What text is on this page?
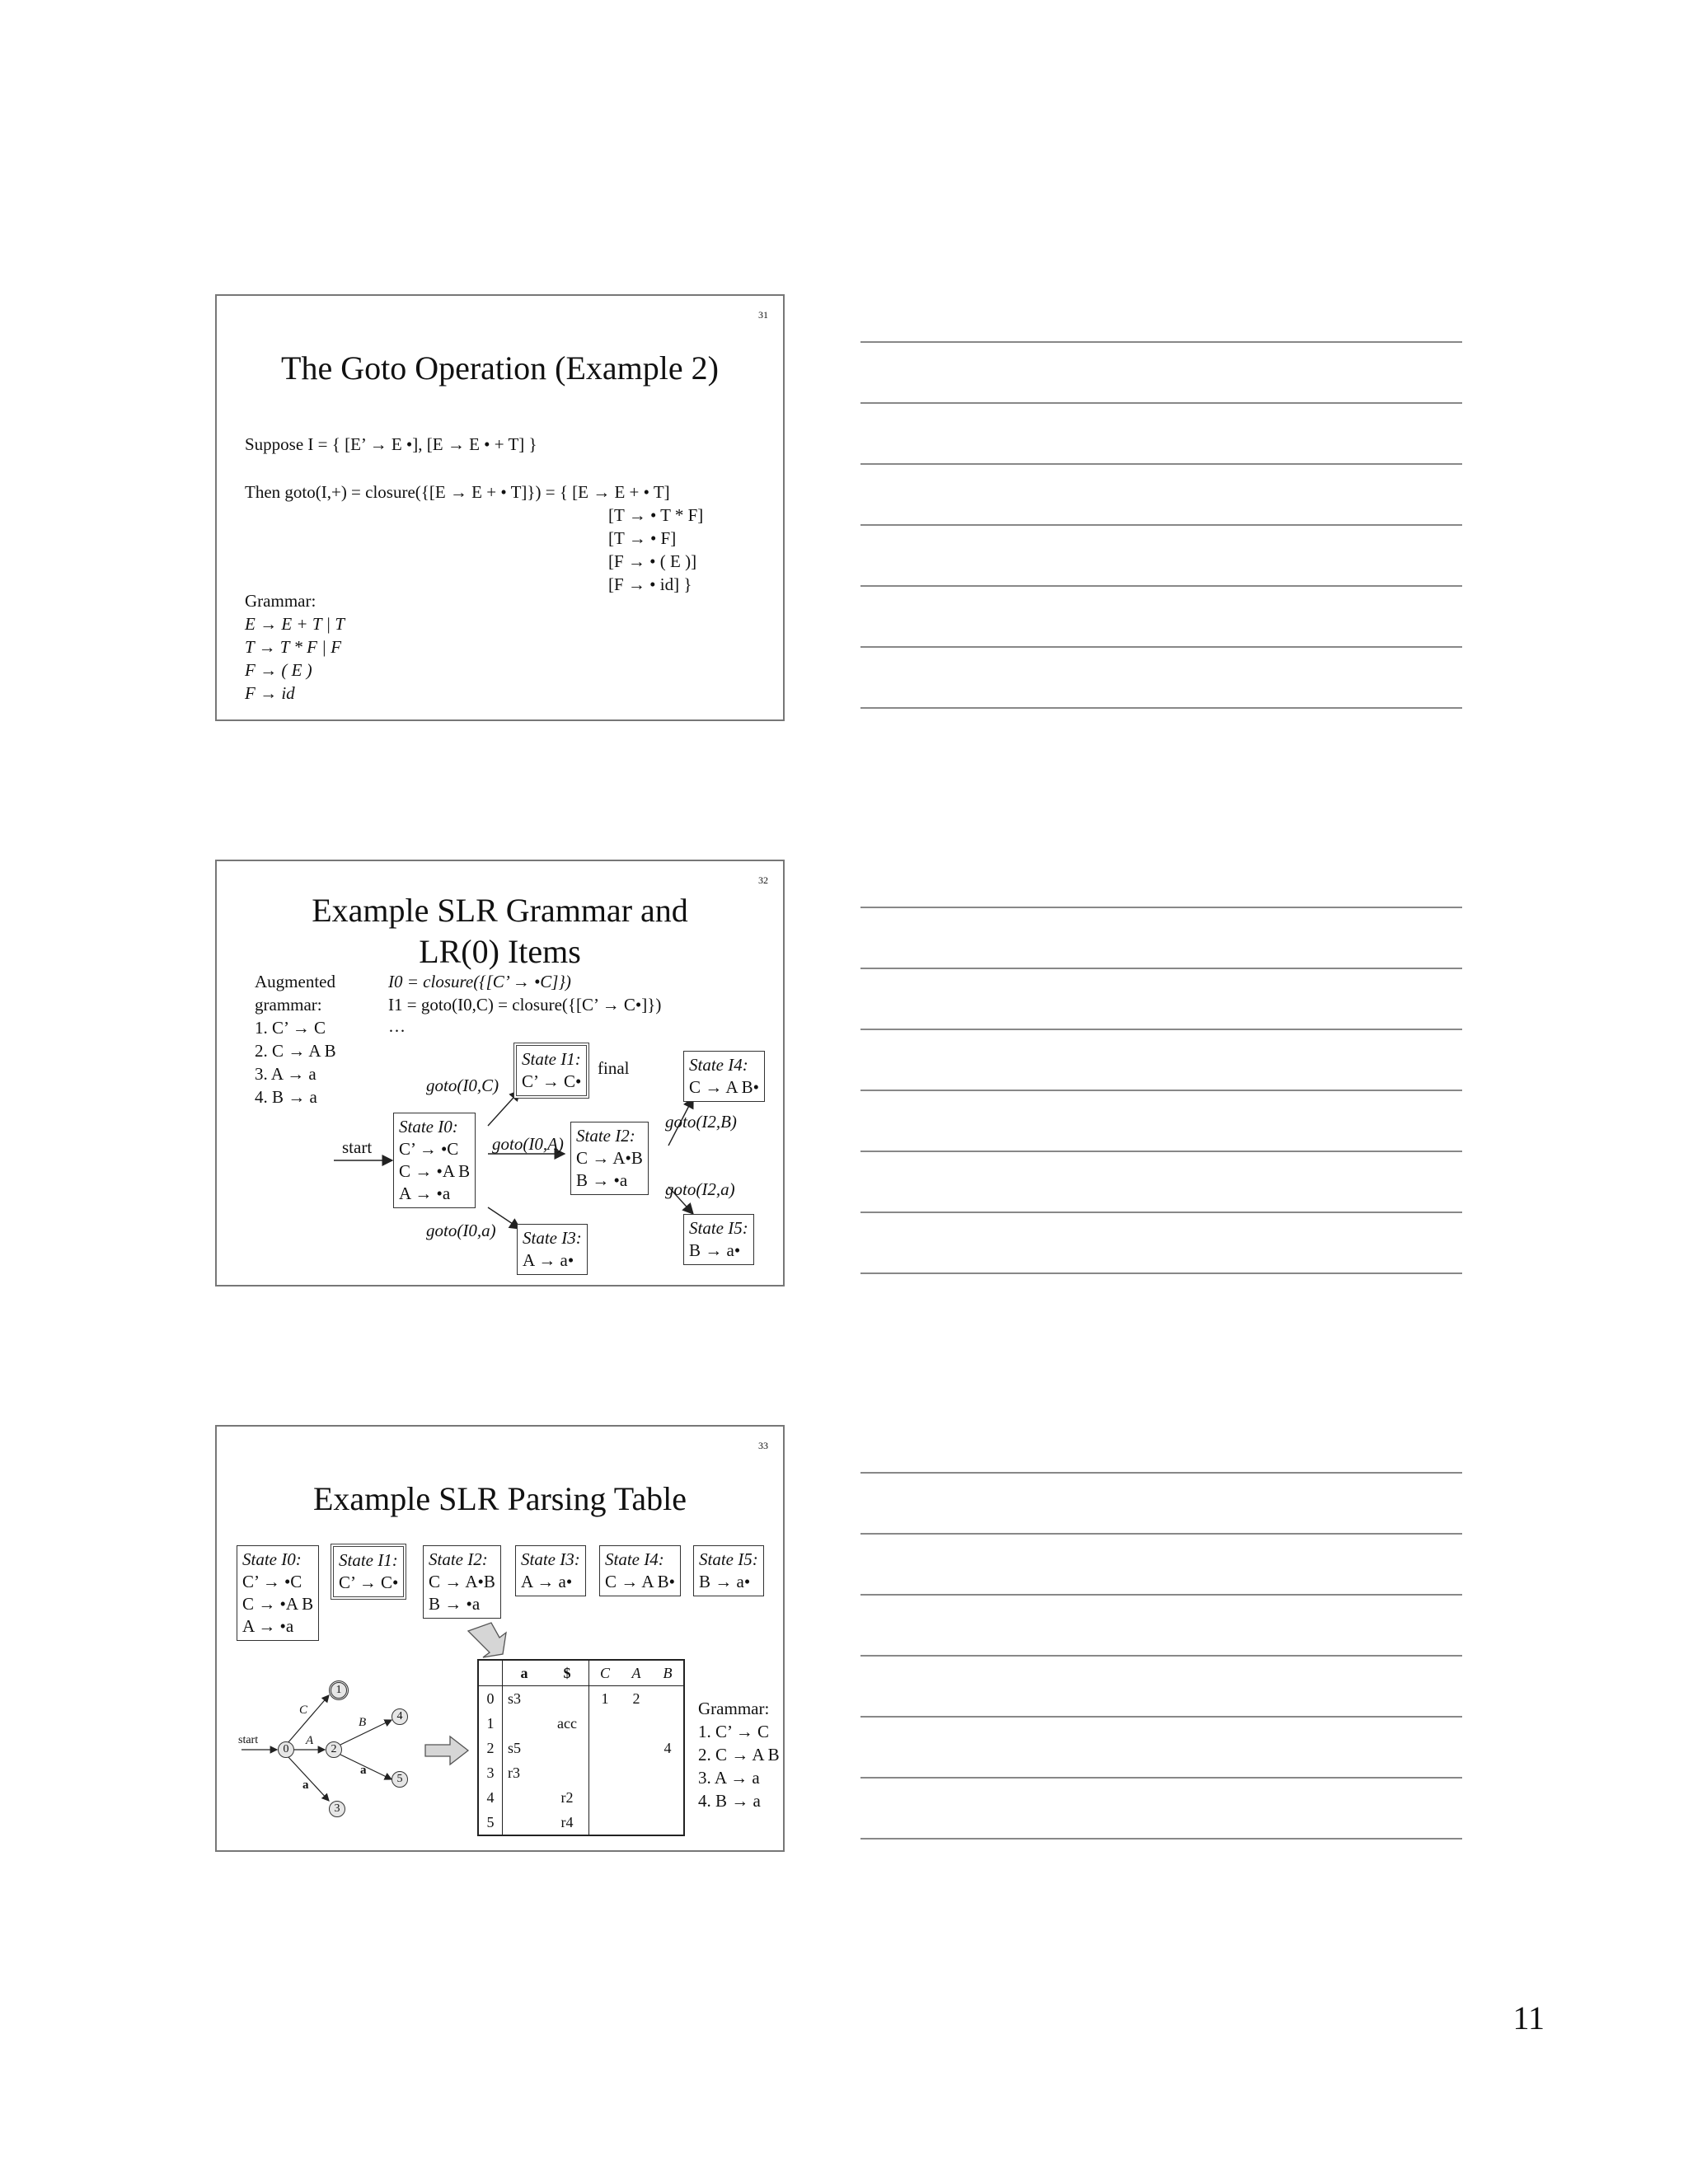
31
The Goto Operation (Example 2)
Suppose I = { [E’ → E •], [E → E • + T] }
Then goto(I,+) = closure({[E → E + • T]}) = { [E → E + • T]
[T → • T * F]
[T → • F]
[F → • ( E )]
[F → • id] }
Grammar:
E → E + T | T
T → T * F | F
F → ( E )
F → id
32
Example SLR Grammar and
LR(0) Items
Augmented
grammar:
1. C’ → C
2. C → A B
3. A → a
4. B → a
I0 = closure({[C’ → •C]})
I1 = goto(I0,C) = closure({[C’ → C•]})
…
start
final
goto(I0,C)
goto(I0,A)
goto(I0,a)
goto(I2,B)
goto(I2,a)
State I0:
C’ → •C
C → •A B
A → •a
State I1:
C’ → C•
State I2:
C → A•B
B → •a
State I3:
A → a•
State I4:
C → A B•
State I5:
B → a•
33
Example SLR Parsing Table
State I0:
C’ → •C
C → •A B
A → •a
State I1:
C’ → C•
State I2:
C → A•B
B → •a
State I3:
A → a•
State I4:
C → A B•
State I5:
B → a•
start
0
1
2
3
4
5
C
A
a
B
a
	a	$	C	A	B
0	s3		1	2	
1		acc			
2	s5				4
3	r3				
4		r2			
5		r4			
Grammar:
1. C’ → C
2. C → A B
3. A → a
4. B → a
11
